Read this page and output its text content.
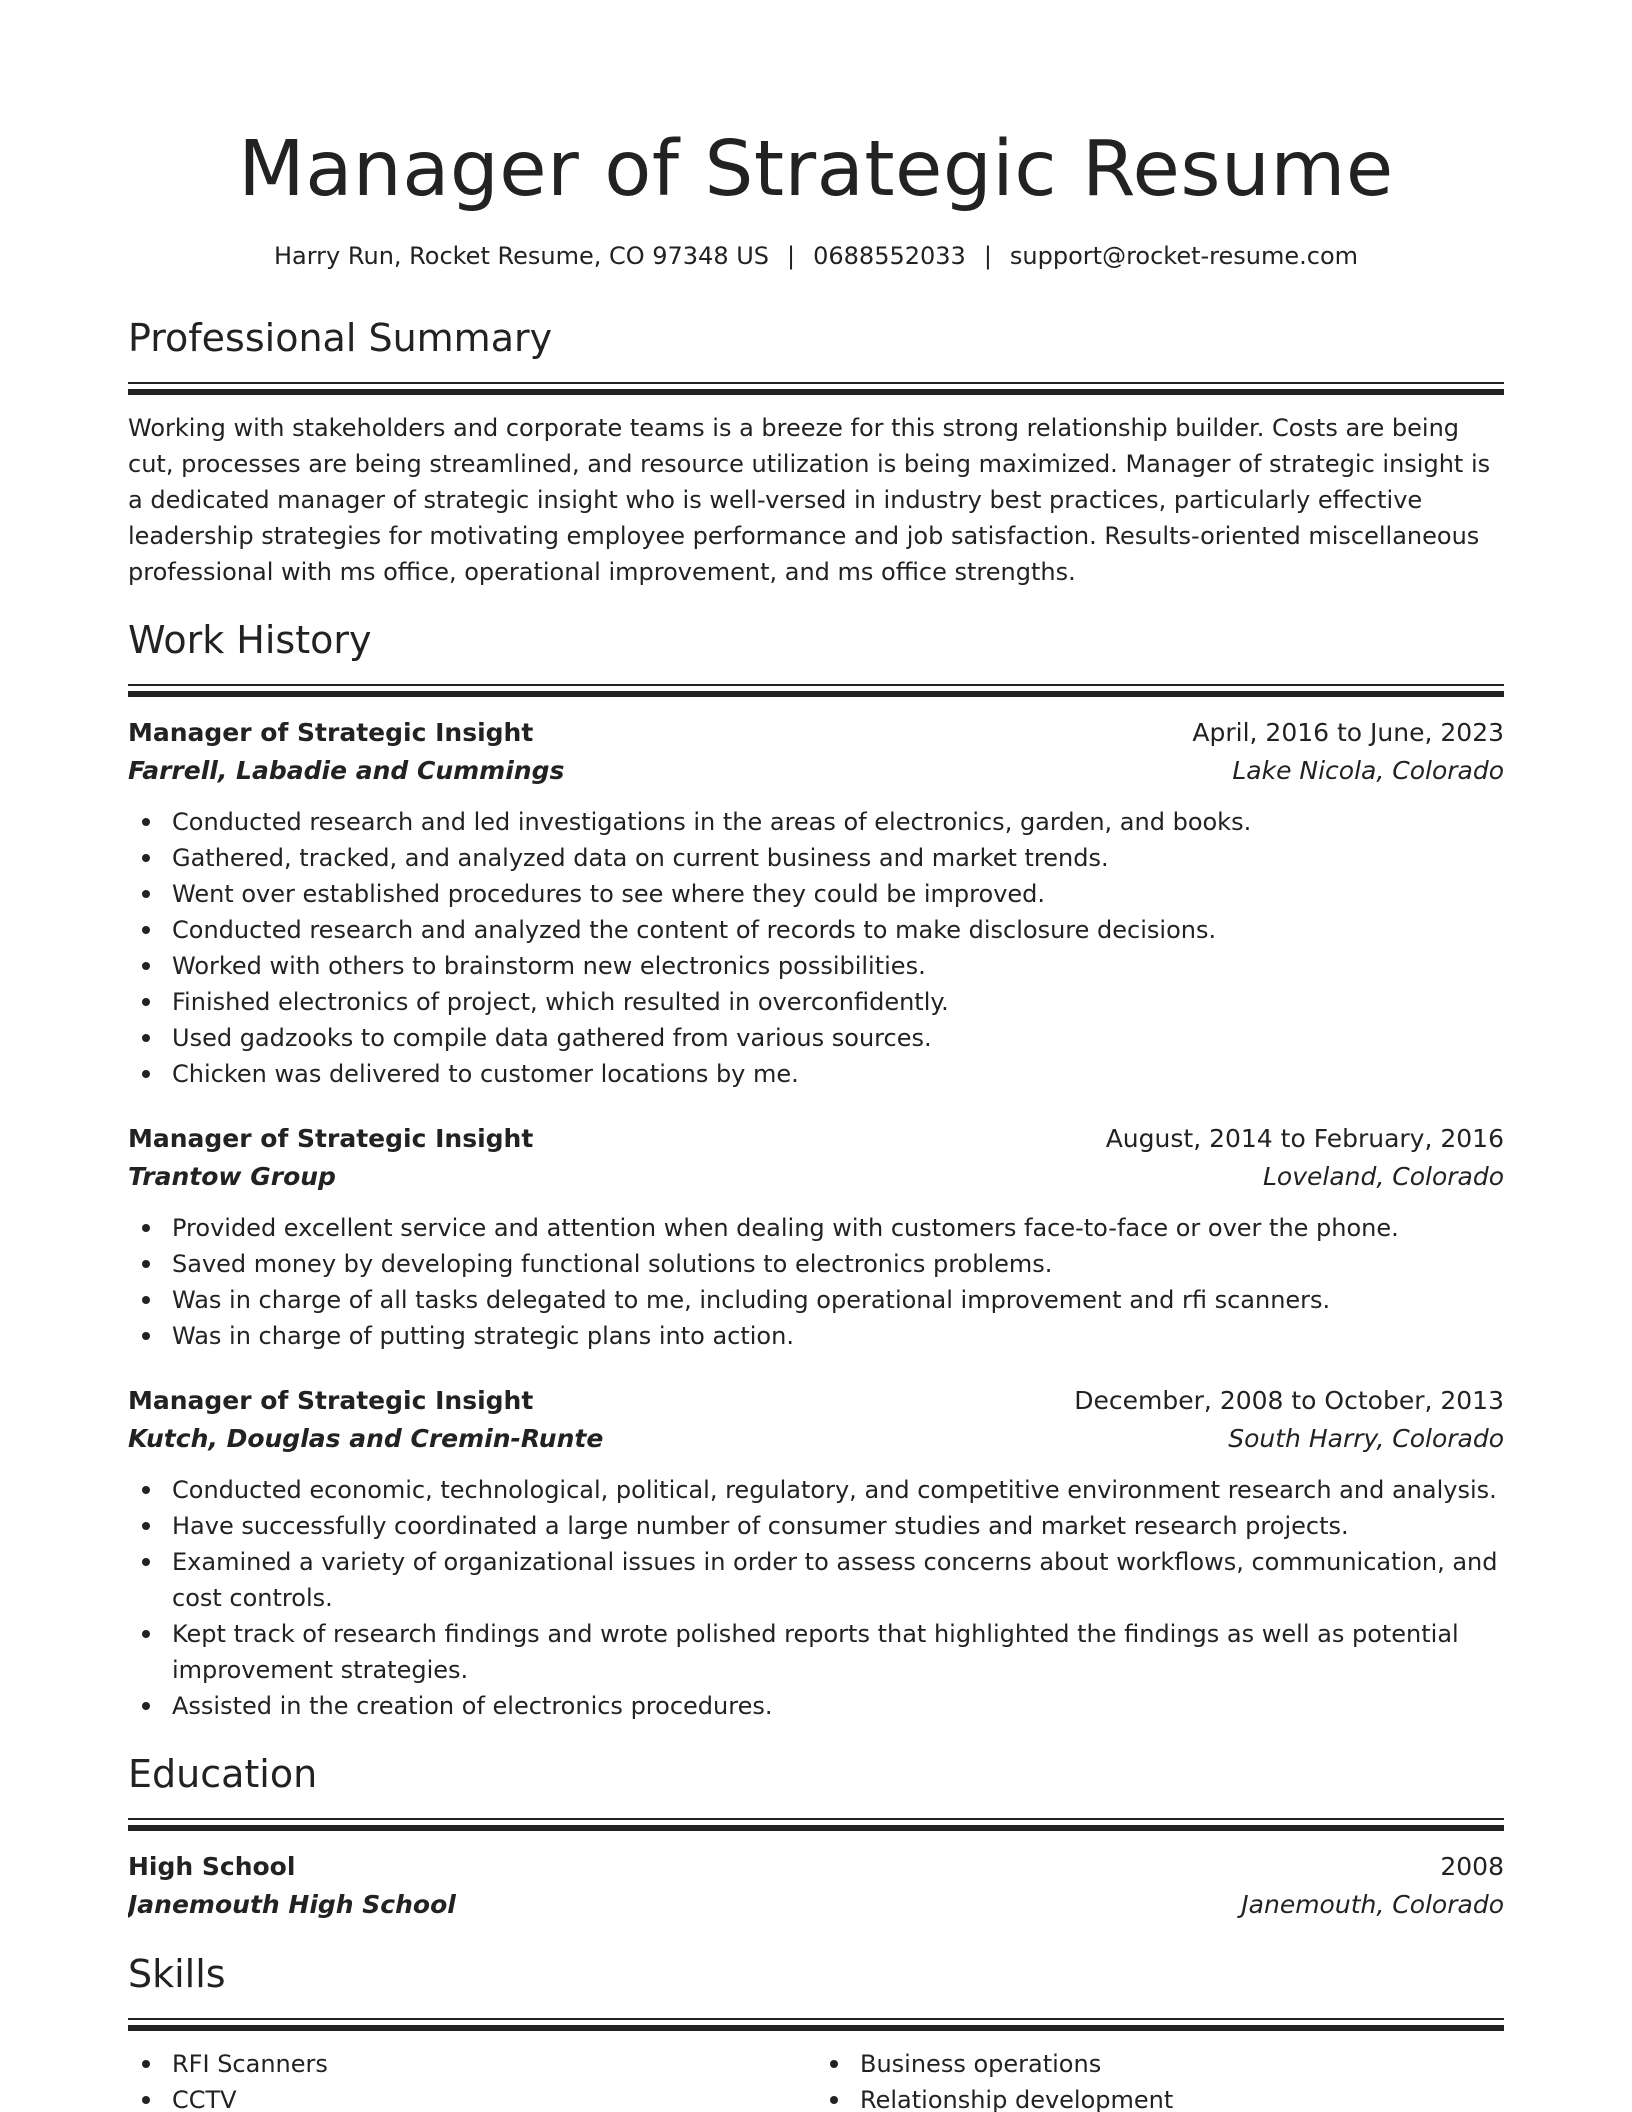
Manager of Strategic Resume
Harry Run, Rocket Resume, CO 97348 US | 0688552033 | support@rocket-resume.com
Professional Summary

Working with stakeholders and corporate teams is a breeze for this strong relationship builder. Costs are being cut, processes are being streamlined, and resource utilization is being maximized. Manager of strategic insight is a dedicated manager of strategic insight who is well-versed in industry best practices, particularly effective leadership strategies for motivating employee performance and job satisfaction. Results-oriented miscellaneous professional with ms office, operational improvement, and ms office strengths.

Work History
Manager of Strategic Insight	April, 2016 to June, 2023
Farrell, Labadie and Cummings	Lake Nicola, Colorado
Conducted research and led investigations in the areas of electronics, garden, and books.
Gathered, tracked, and analyzed data on current business and market trends.
Went over established procedures to see where they could be improved.
Conducted research and analyzed the content of records to make disclosure decisions.
Worked with others to brainstorm new electronics possibilities.
Finished electronics of project, which resulted in overconfidently.
Used gadzooks to compile data gathered from various sources.
Chicken was delivered to customer locations by me.
Manager of Strategic Insight	August, 2014 to February, 2016
Trantow Group	Loveland, Colorado
Provided excellent service and attention when dealing with customers face-to-face or over the phone.
Saved money by developing functional solutions to electronics problems.
Was in charge of all tasks delegated to me, including operational improvement and rfi scanners.
Was in charge of putting strategic plans into action.
Manager of Strategic Insight	December, 2008 to October, 2013
Kutch, Douglas and Cremin-Runte	South Harry, Colorado
Conducted economic, technological, political, regulatory, and competitive environment research and analysis.
Have successfully coordinated a large number of consumer studies and market research projects.
Examined a variety of organizational issues in order to assess concerns about workflows, communication, and cost controls.
Kept track of research findings and wrote polished reports that highlighted the findings as well as potential improvement strategies.
Assisted in the creation of electronics procedures.
Education
High School	2008
Janemouth High School	Janemouth, Colorado
Skills
RFI Scanners
CCTV
Business operations
Relationship development
